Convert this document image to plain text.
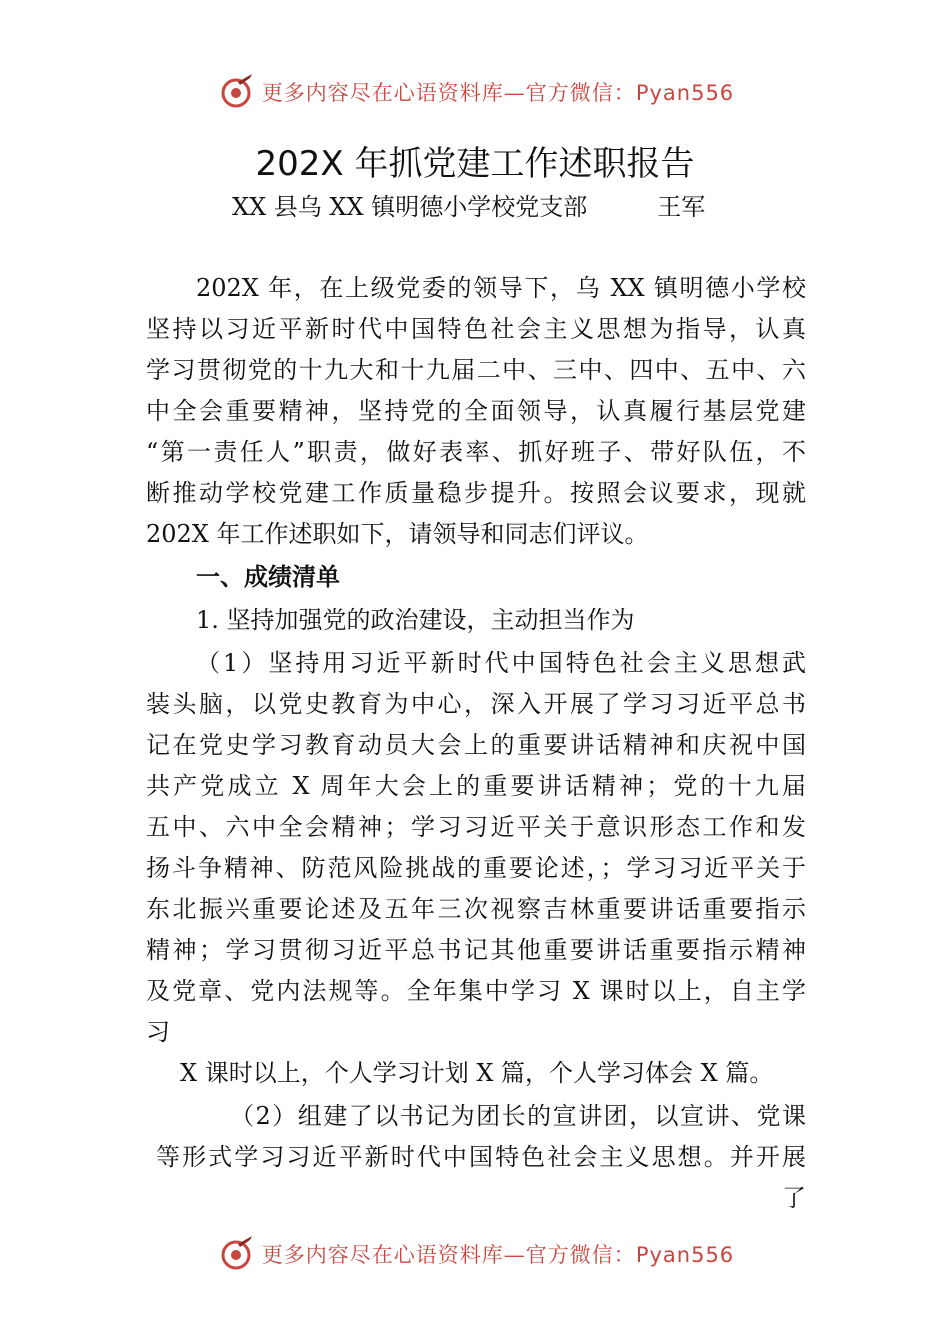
更多内容尽在心语资料库—官方微信：Pyan556
202X 年抓党建工作述职报告
XX 县乌 XX 镇明德小学校党支部	王军
202X 年，在上级党委的领导下，乌 XX 镇明德小学校
坚持以习近平新时代中国特色社会主义思想为指导，认真
学习贯彻党的十九大和十九届二中、三中、四中、五中、六
中全会重要精神，坚持党的全面领导，认真履行基层党建
“第一责任人”职责，做好表率、抓好班子、带好队伍，不
断推动学校党建工作质量稳步提升。按照会议要求，现就
202X 年工作述职如下，请领导和同志们评议。
一、成绩清单
1. 坚持加强党的政治建设，主动担当作为
（1）坚持用习近平新时代中国特色社会主义思想武
装头脑，以党史教育为中心，深入开展了学习习近平总书
记在党史学习教育动员大会上的重要讲话精神和庆祝中国
共产党成立 X 周年大会上的重要讲话精神；党的十九届
五中、六中全会精神；学习习近平关于意识形态工作和发
扬斗争精神、防范风险挑战的重要论述，；学习习近平关于
东北振兴重要论述及五年三次视察吉林重要讲话重要指示
精神；学习贯彻习近平总书记其他重要讲话重要指示精神
及党章、党内法规等。全年集中学习 X 课时以上，自主学
习
X 课时以上，个人学习计划 X 篇，个人学习体会 X 篇。
（2）组建了以书记为团长的宣讲团，以宣讲、党课
等形式学习习近平新时代中国特色社会主义思想。并开展
了
更多内容尽在心语资料库—官方微信：Pyan556
